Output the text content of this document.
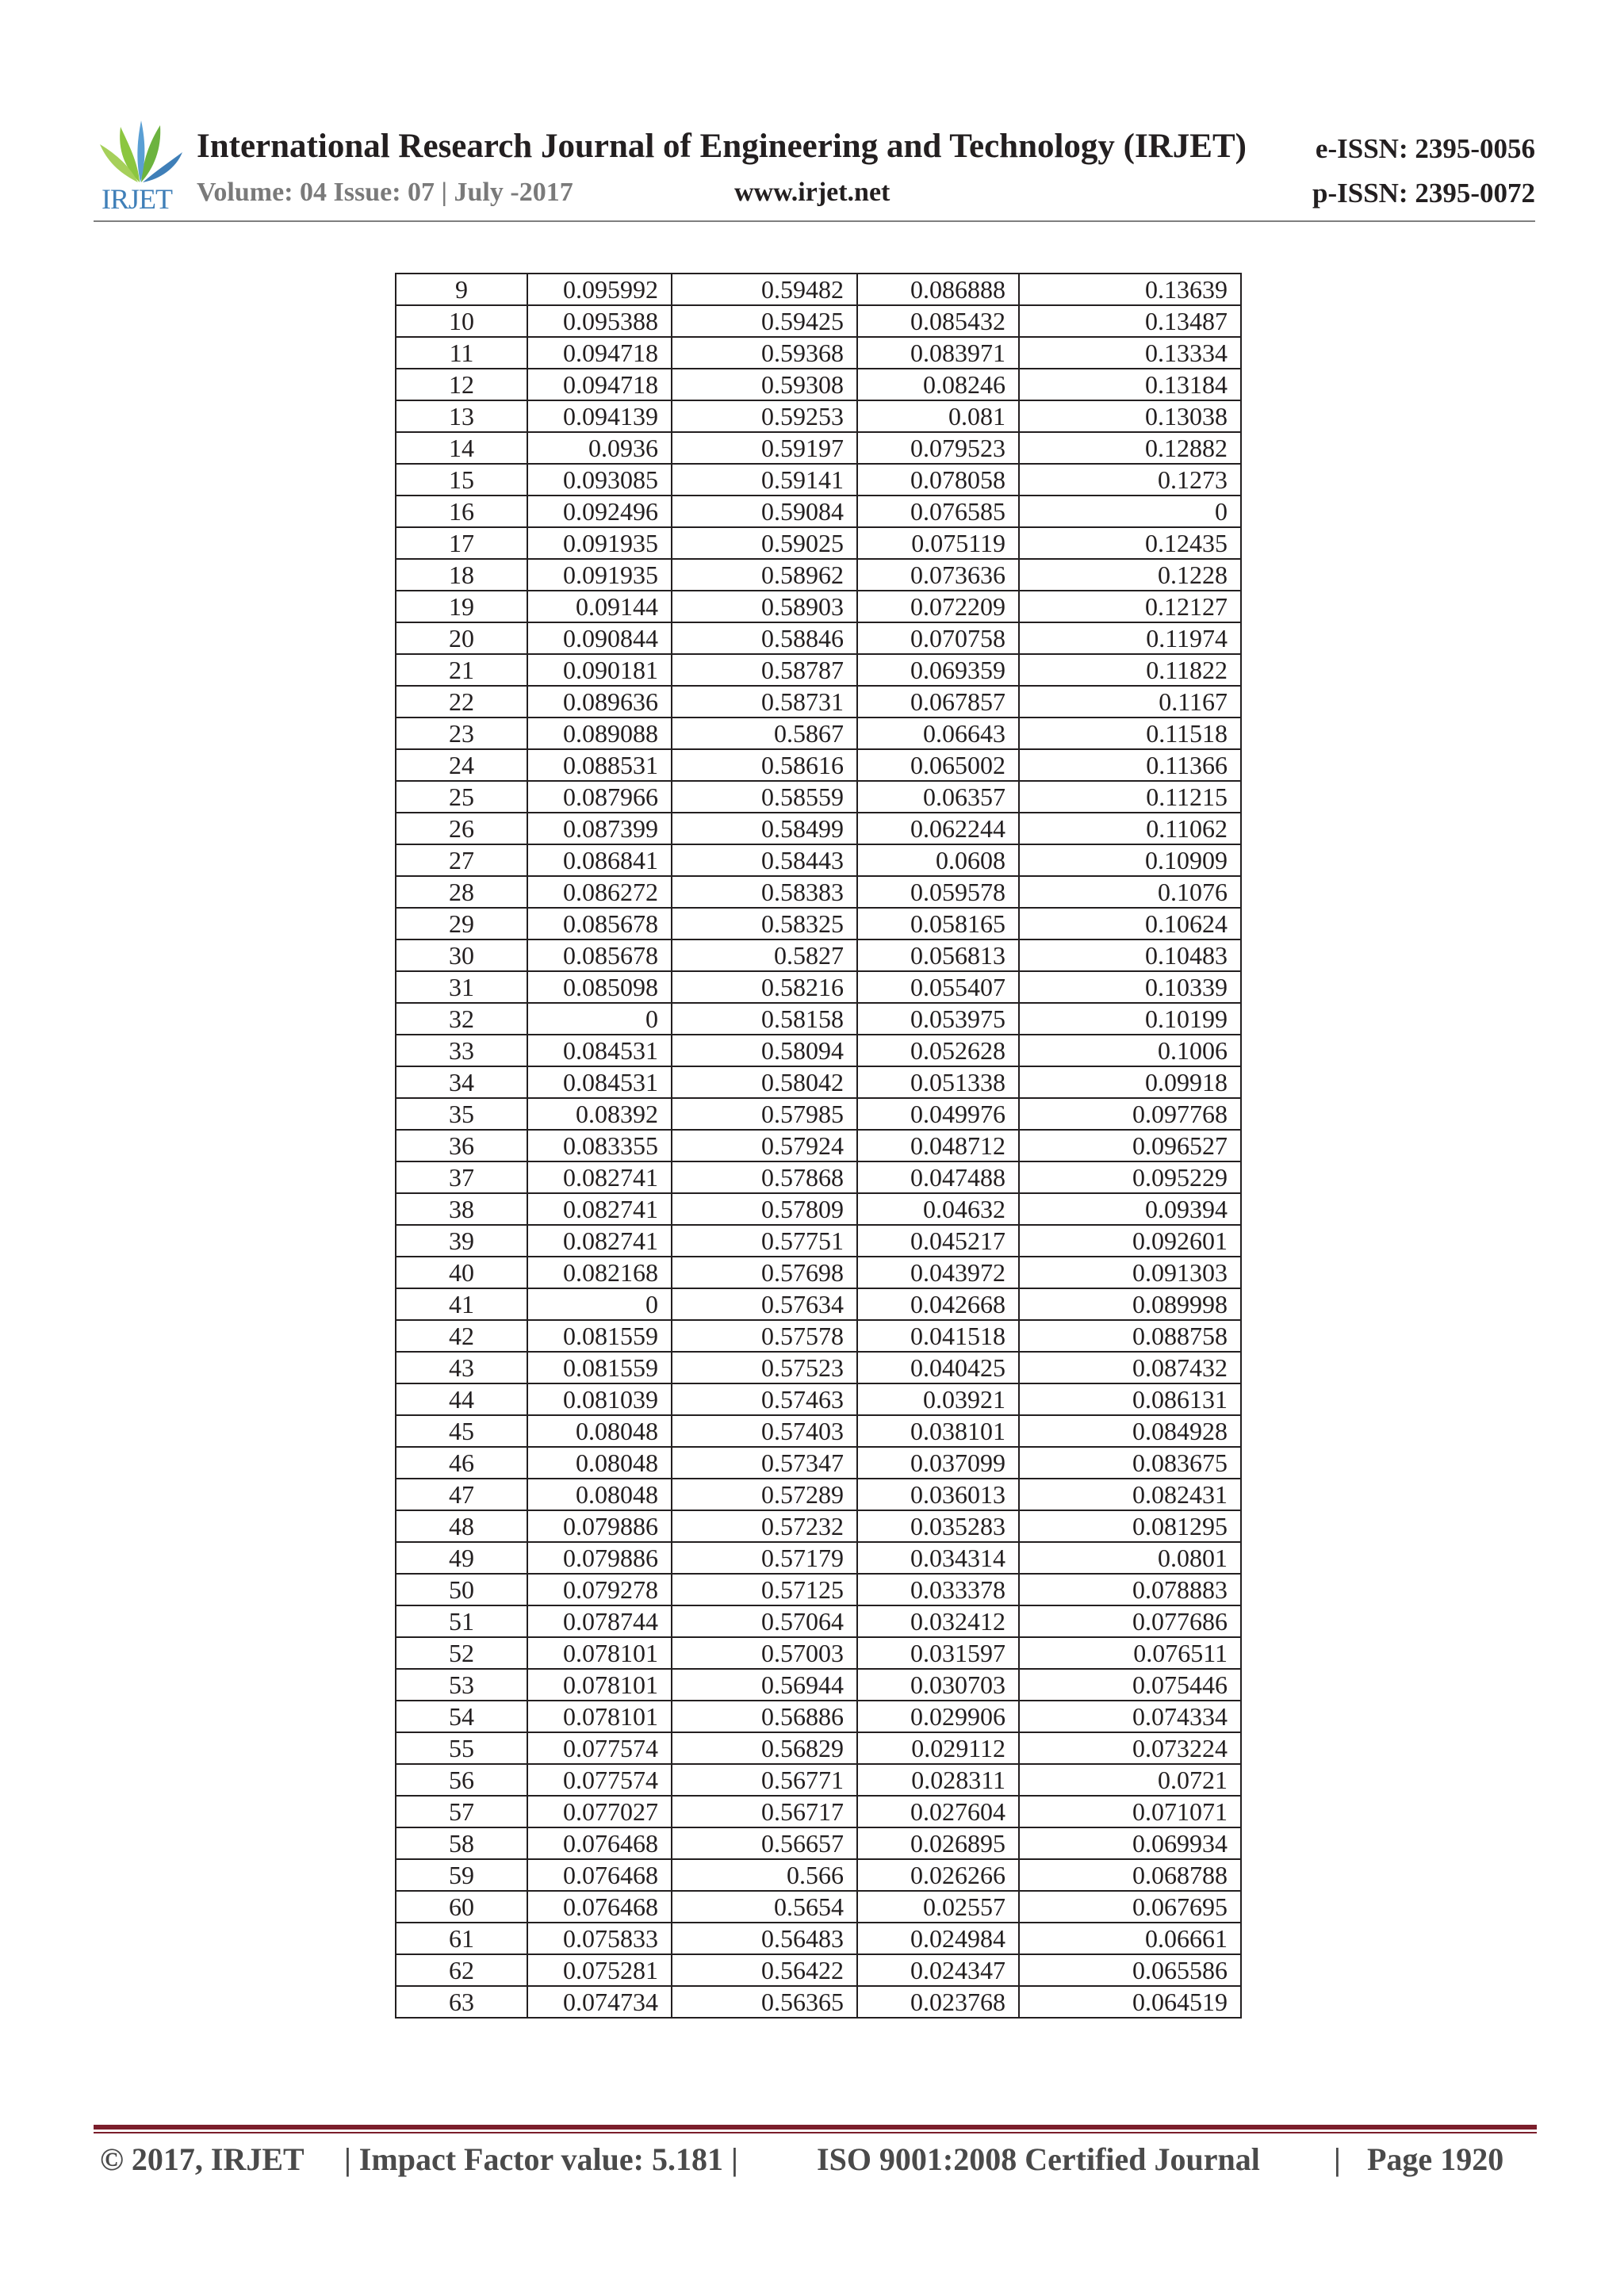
IRJET
International Research Journal of Engineering and Technology (IRJET) e-ISSN: 2395-0056
Volume: 04 Issue: 07 | July -2017	www.irjet.net	p-ISSN: 2395-0072
9	0.095992	0.59482	0.086888	0.13639
10	0.095388	0.59425	0.085432	0.13487
11	0.094718	0.59368	0.083971	0.13334
12	0.094718	0.59308	0.08246	0.13184
13	0.094139	0.59253	0.081	0.13038
14	0.0936	0.59197	0.079523	0.12882
15	0.093085	0.59141	0.078058	0.1273
16	0.092496	0.59084	0.076585	0
17	0.091935	0.59025	0.075119	0.12435
18	0.091935	0.58962	0.073636	0.1228
19	0.09144	0.58903	0.072209	0.12127
20	0.090844	0.58846	0.070758	0.11974
21	0.090181	0.58787	0.069359	0.11822
22	0.089636	0.58731	0.067857	0.1167
23	0.089088	0.5867	0.06643	0.11518
24	0.088531	0.58616	0.065002	0.11366
25	0.087966	0.58559	0.06357	0.11215
26	0.087399	0.58499	0.062244	0.11062
27	0.086841	0.58443	0.0608	0.10909
28	0.086272	0.58383	0.059578	0.1076
29	0.085678	0.58325	0.058165	0.10624
30	0.085678	0.5827	0.056813	0.10483
31	0.085098	0.58216	0.055407	0.10339
32	0	0.58158	0.053975	0.10199
33	0.084531	0.58094	0.052628	0.1006
34	0.084531	0.58042	0.051338	0.09918
35	0.08392	0.57985	0.049976	0.097768
36	0.083355	0.57924	0.048712	0.096527
37	0.082741	0.57868	0.047488	0.095229
38	0.082741	0.57809	0.04632	0.09394
39	0.082741	0.57751	0.045217	0.092601
40	0.082168	0.57698	0.043972	0.091303
41	0	0.57634	0.042668	0.089998
42	0.081559	0.57578	0.041518	0.088758
43	0.081559	0.57523	0.040425	0.087432
44	0.081039	0.57463	0.03921	0.086131
45	0.08048	0.57403	0.038101	0.084928
46	0.08048	0.57347	0.037099	0.083675
47	0.08048	0.57289	0.036013	0.082431
48	0.079886	0.57232	0.035283	0.081295
49	0.079886	0.57179	0.034314	0.0801
50	0.079278	0.57125	0.033378	0.078883
51	0.078744	0.57064	0.032412	0.077686
52	0.078101	0.57003	0.031597	0.076511
53	0.078101	0.56944	0.030703	0.075446
54	0.078101	0.56886	0.029906	0.074334
55	0.077574	0.56829	0.029112	0.073224
56	0.077574	0.56771	0.028311	0.0721
57	0.077027	0.56717	0.027604	0.071071
58	0.076468	0.56657	0.026895	0.069934
59	0.076468	0.566	0.026266	0.068788
60	0.076468	0.5654	0.02557	0.067695
61	0.075833	0.56483	0.024984	0.06661
62	0.075281	0.56422	0.024347	0.065586
63	0.074734	0.56365	0.023768	0.064519
© 2017, IRJET | Impact Factor value: 5.181 | ISO 9001:2008 Certified Journal | Page 1920
